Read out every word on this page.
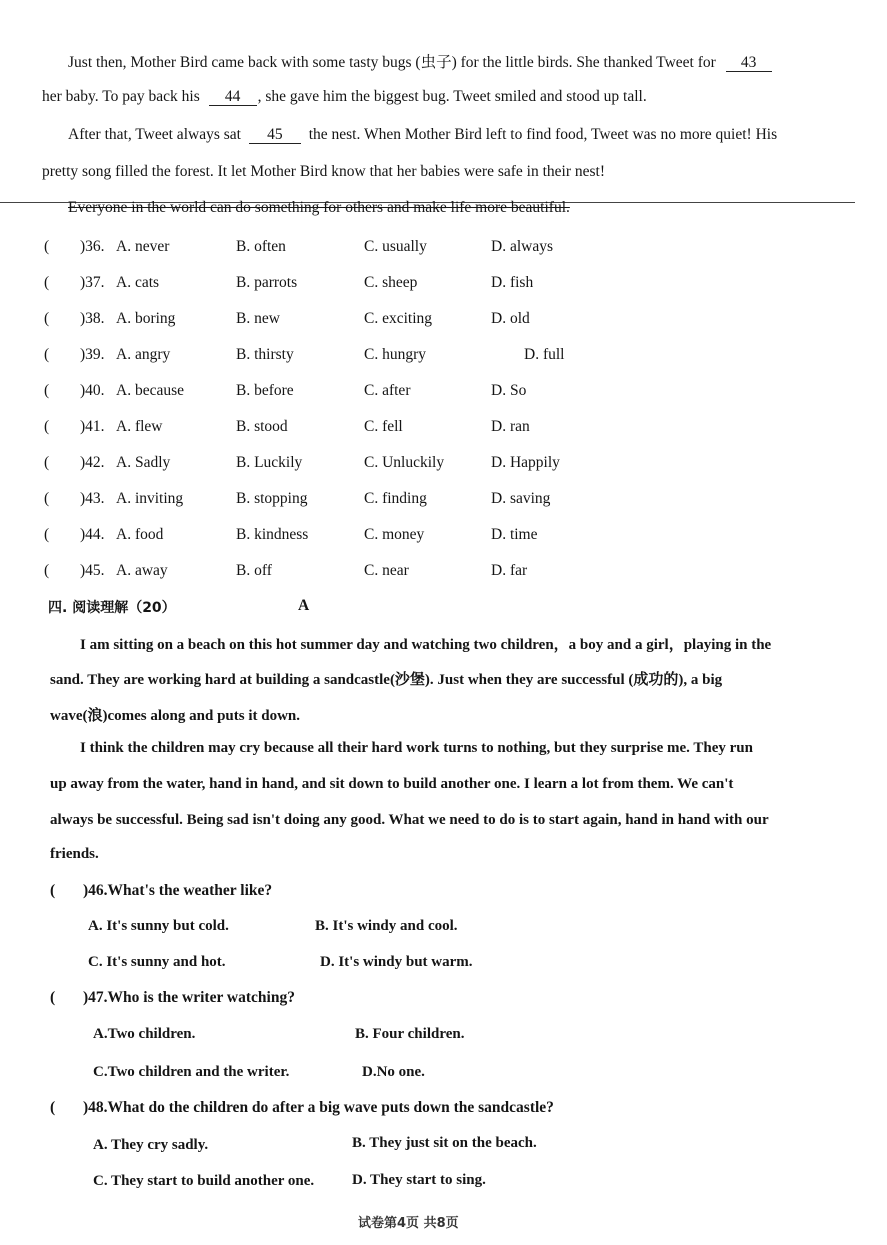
Just then, Mother Bird came back with some tasty bugs (虫子) for the little birds. She thanked Tweet for 43
her baby. To pay back his 44 , she gave him the biggest bug. Tweet smiled and stood up tall.
After that, Tweet always sat 45 the nest. When Mother Bird left to find food, Tweet was no more quiet! His
pretty song filled the forest. It let Mother Bird know that her babies were safe in their nest!
Everyone in the world can do something for others and make life more beautiful.
( )36. A. never	B. often	C. usually	D. always
( )37. A. cats	B. parrots	C. sheep	D. fish
( )38. A. boring	B. new	C. exciting	D. old
( )39. A. angry	B. thirsty	C. hungry	D. full
( )40. A. because	B. before	C. after	D. So
( )41. A. flew	B. stood	C. fell	D. ran
( )42. A. Sadly	B. Luckily	C. Unluckily	D. Happily
( )43. A. inviting	B. stopping	C. finding	D. saving
( )44. A. food	B. kindness	C. money	D. time
( )45. A. away	B. off	C. near	D. far
四. 阅读理解（20）	A
I am sitting on a beach on this hot summer day and watching two children，a boy and a girl，playing in the
sand. They are working hard at building a sandcastle(沙堡). Just when they are successful (成功的), a big
wave(浪)comes along and puts it down.
I think the children may cry because all their hard work turns to nothing, but they surprise me. They run
up away from the water, hand in hand, and sit down to build another one. I learn a lot from them. We can't
always be successful. Being sad isn't doing any good. What we need to do is to start again, hand in hand with our
friends.
( )46.What's the weather like?
A. It's sunny but cold.	B. It's windy and cool.
C. It's sunny and hot.	D. It's windy but warm.
( )47.Who is the writer watching?
A.Two children.	B. Four children.
C.Two children and the writer.	D.No one.
( )48.What do the children do after a big wave puts down the sandcastle?
A. They cry sadly.	B. They just sit on the beach.
C. They start to build another one.	D. They start to sing.
试卷第4页 共8页
